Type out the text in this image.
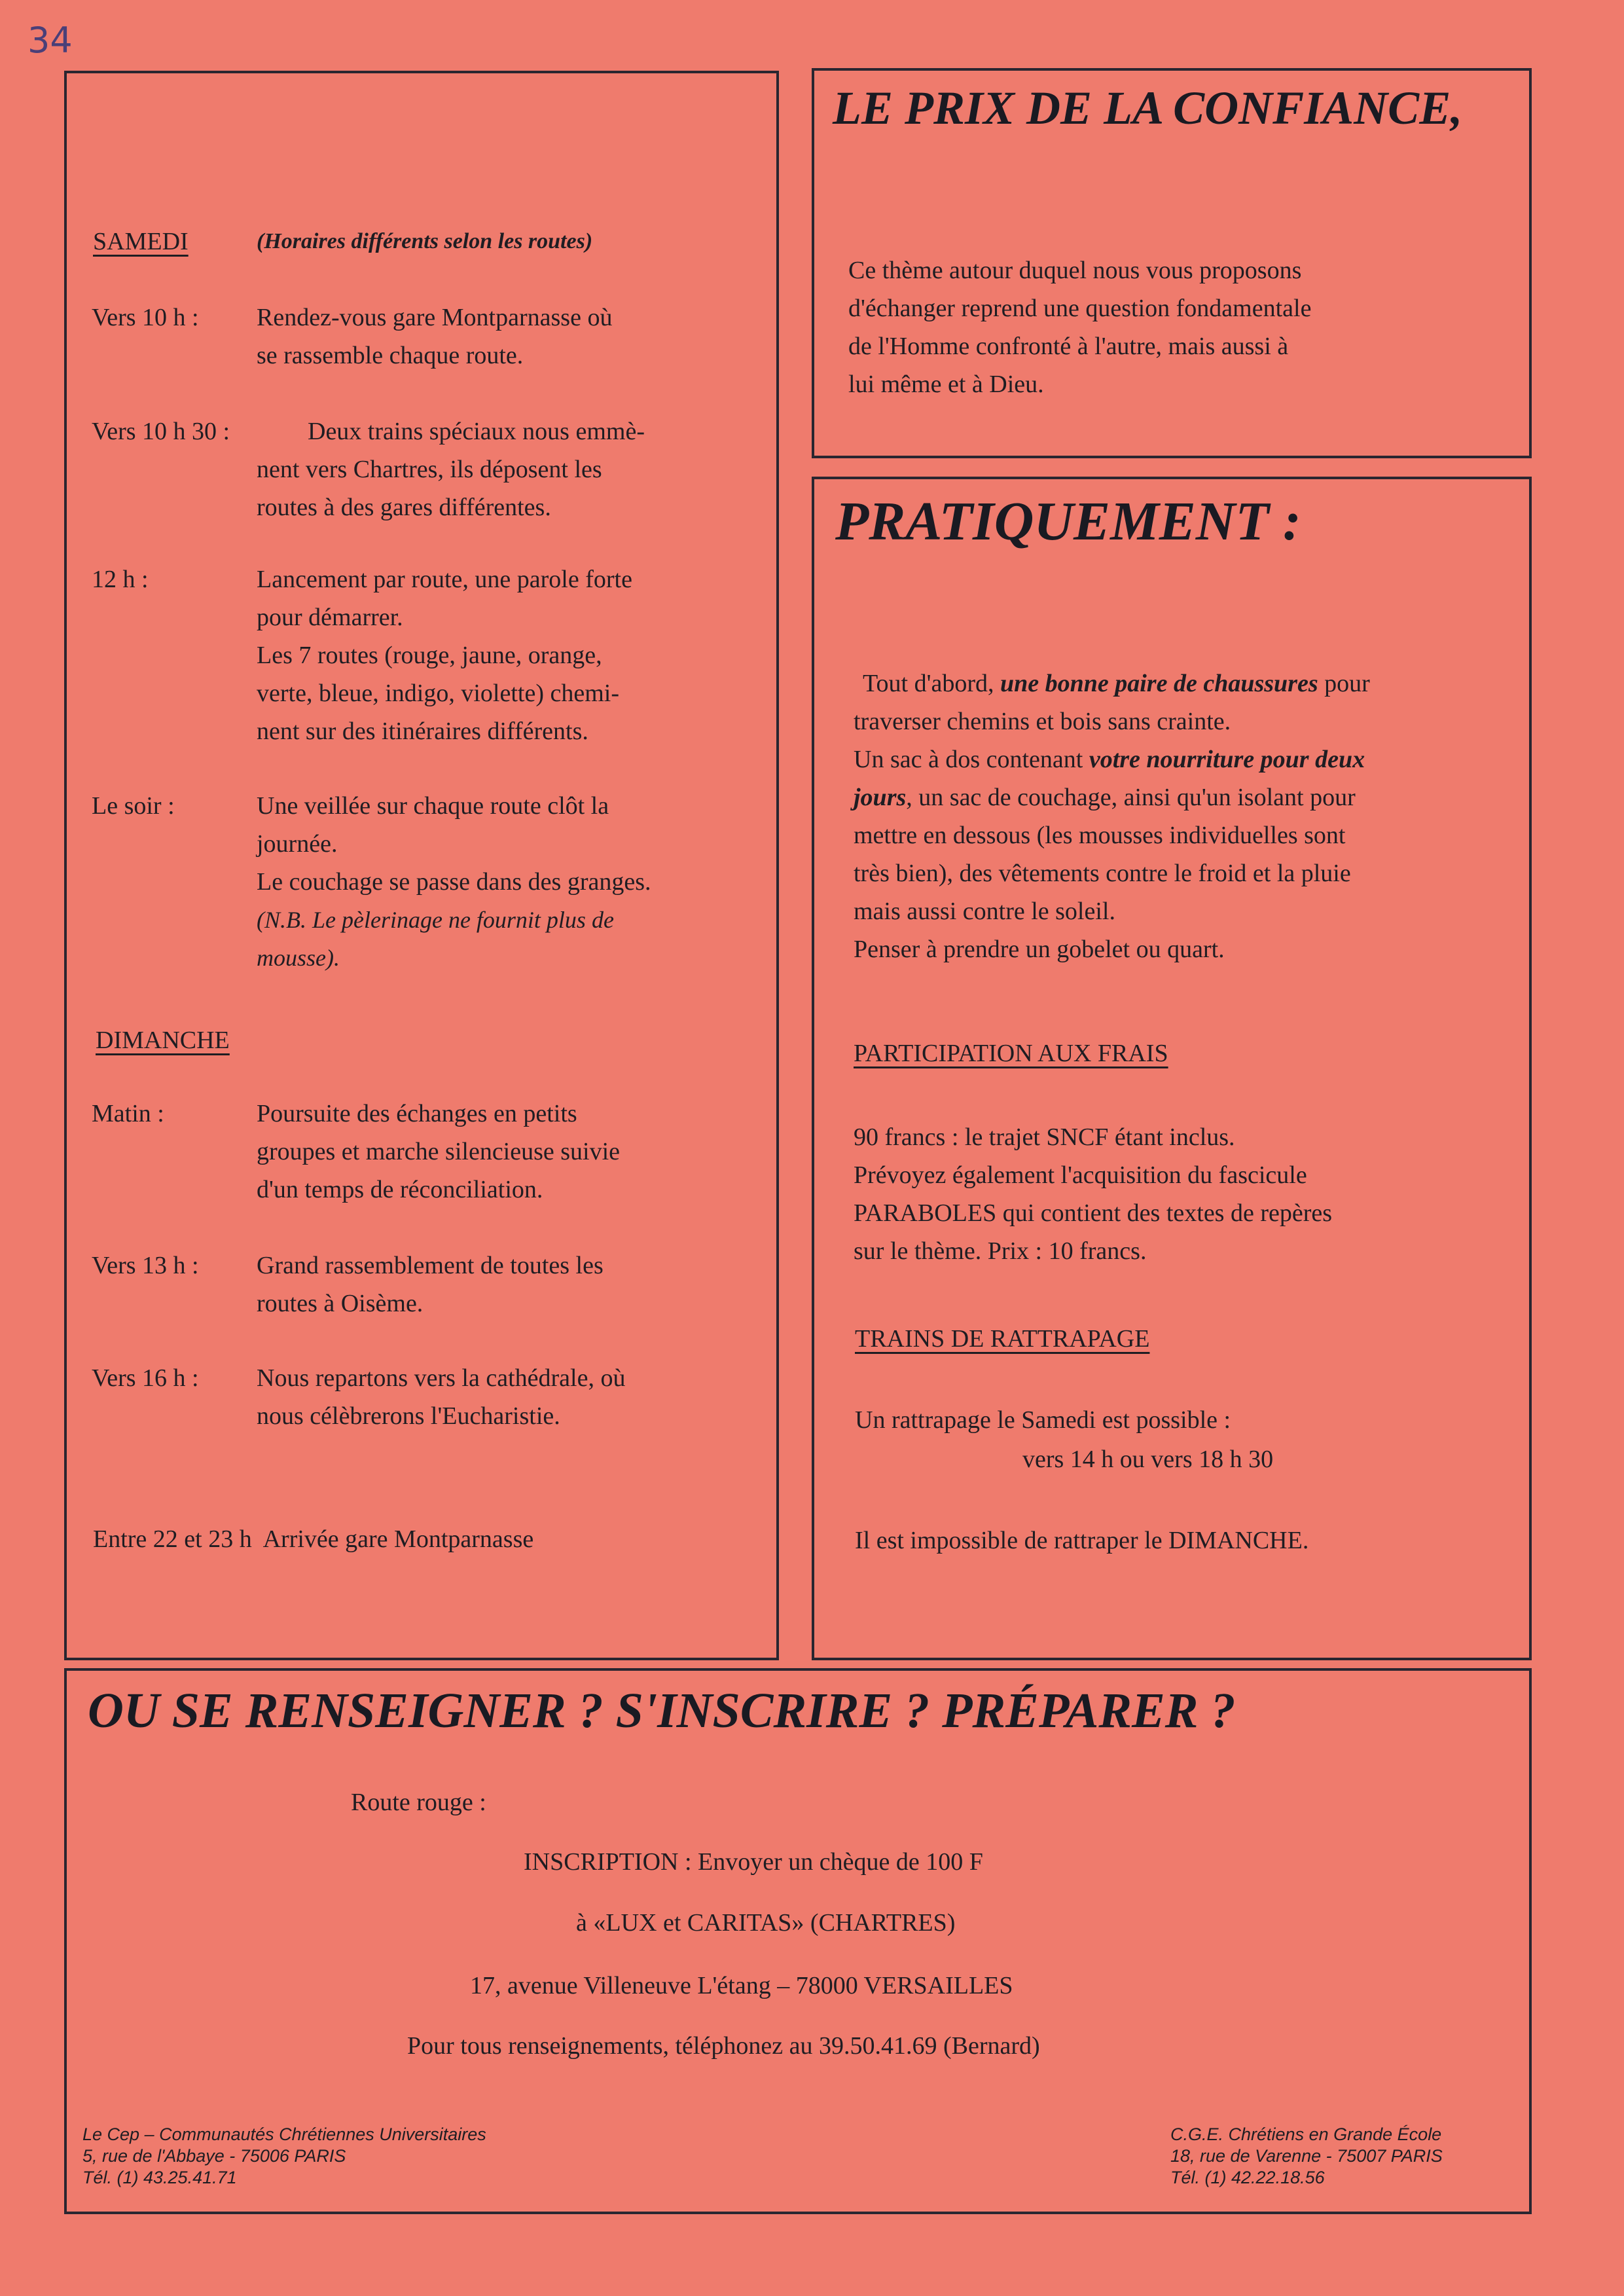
34
SAMEDI	(Horaires différents selon les routes)
Vers 10 h : Rendez-vous gare Montparnasse où
se rassemble chaque route.
Vers 10 h 30 :	Deux trains spéciaux nous emmè-
nent vers Chartres, ils déposent les
routes à des gares différentes.
12 h :	Lancement par route, une parole forte
pour démarrer.
Les 7 routes (rouge, jaune, orange,
verte, bleue, indigo, violette) chemi-
nent sur des itinéraires différents.
Le soir :	Une veillée sur chaque route clôt la
journée.
Le couchage se passe dans des granges.
(N.B. Le pèlerinage ne fournit plus de
mousse).
DIMANCHE
Matin :	Poursuite des échanges en petits
groupes et marche silencieuse suivie
d'un temps de réconciliation.
Vers 13 h : Grand rassemblement de toutes les
routes à Oisème.
Vers 16 h : Nous repartons vers la cathédrale, où
nous célèbrerons l'Eucharistie.
Entre 22 et 23 h  Arrivée gare Montparnasse
LE PRIX DE LA CONFIANCE,
Ce thème autour duquel nous vous proposons
d'échanger reprend une question fondamentale
de l'Homme confronté à l'autre, mais aussi à
lui même et à Dieu.
PRATIQUEMENT :
Tout d'abord, une bonne paire de chaussures pour
traverser chemins et bois sans crainte.
Un sac à dos contenant votre nourriture pour deux
jours, un sac de couchage, ainsi qu'un isolant pour
mettre en dessous (les mousses individuelles sont
très bien), des vêtements contre le froid et la pluie
mais aussi contre le soleil.
Penser à prendre un gobelet ou quart.
PARTICIPATION AUX FRAIS
90 francs : le trajet SNCF étant inclus.
Prévoyez également l'acquisition du fascicule
PARABOLES qui contient des textes de repères
sur le thème. Prix : 10 francs.
TRAINS DE RATTRAPAGE
Un rattrapage le Samedi est possible :
vers 14 h ou vers 18 h 30
Il est impossible de rattraper le DIMANCHE.
OU SE RENSEIGNER ? S'INSCRIRE ? PRÉPARER ?
Route rouge :
INSCRIPTION : Envoyer un chèque de 100 F
à «LUX et CARITAS» (CHARTRES)
17, avenue Villeneuve L'étang – 78000 VERSAILLES
Pour tous renseignements, téléphonez au 39.50.41.69 (Bernard)
Le Cep – Communautés Chrétiennes Universitaires
5, rue de l'Abbaye - 75006 PARIS
Tél. (1) 43.25.41.71
C.G.E. Chrétiens en Grande École
18, rue de Varenne - 75007 PARIS
Tél. (1) 42.22.18.56
